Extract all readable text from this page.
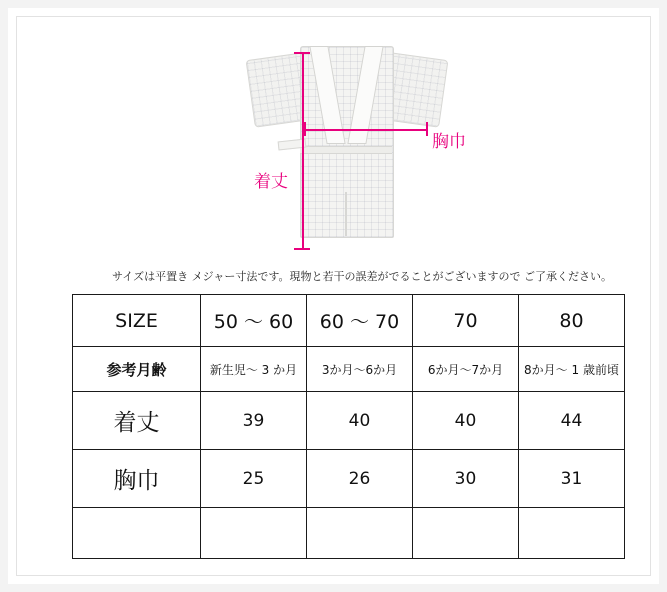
胸巾
着丈
サイズは平置き メジャー寸法です。現物と若干の誤差がでることがございますので ご了承ください。
SIZE	50 〜 60	60 〜 70	70	80
参考月齢	新生児〜 3 か月	3か月〜6か月	6か月〜7か月	8か月〜 1 歳前頃
着丈	39	40	40	44
胸巾	25	26	30	31
